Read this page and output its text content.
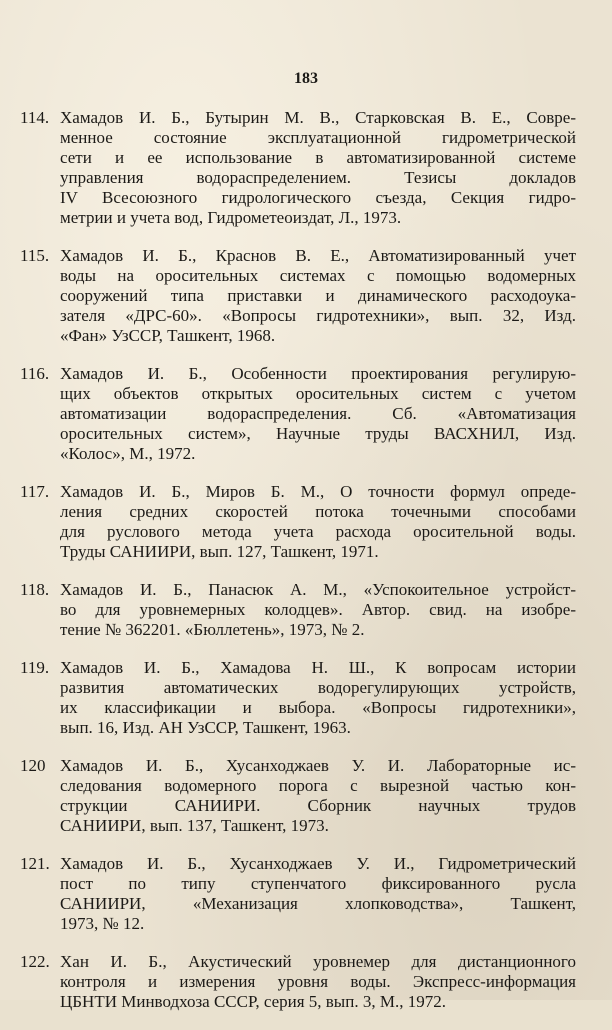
183
114. Хамадов И. Б., Бутырин М. В., Старковская В. Е., Совре-
менное состояние эксплуатационной гидрометрической
сети и ее использование в автоматизированной системе
управления водораспределением. Тезисы докладов
IV Всесоюзного гидрологического съезда, Секция гидро-
метрии и учета вод, Гидрометеоиздат, Л., 1973.
115. Хамадов И. Б., Краснов В. Е., Автоматизированный учет
воды на оросительных системах с помощью водомерных
сооружений типа приставки и динамического расходоука-
зателя «ДРС-60». «Вопросы гидротехники», вып. 32, Изд.
«Фан» УзССР, Ташкент, 1968.
116. Хамадов И. Б., Особенности проектирования регулирую-
щих объектов открытых оросительных систем с учетом
автоматизации водораспределения. Сб. «Автоматизация
оросительных систем», Научные труды ВАСХНИЛ, Изд.
«Колос», М., 1972.
117. Хамадов И. Б., Миров Б. М., О точности формул опреде-
ления средних скоростей потока точечными способами
для руслового метода учета расхода оросительной воды.
Труды САНИИРИ, вып. 127, Ташкент, 1971.
118. Хамадов И. Б., Панасюк А. М., «Успокоительное устройст-
во для уровнемерных колодцев». Автор. свид. на изобре-
тение № 362201. «Бюллетень», 1973, № 2.
119. Хамадов И. Б., Хамадова Н. Ш., К вопросам истории
развития автоматических водорегулирующих устройств,
их классификации и выбора. «Вопросы гидротехники»,
вып. 16, Изд. АН УзССР, Ташкент, 1963.
120 Хамадов И. Б., Хусанходжаев У. И. Лабораторные ис-
следования водомерного порога с вырезной частью кон-
струкции САНИИРИ. Сборник научных трудов
САНИИРИ, вып. 137, Ташкент, 1973.
121. Хамадов И. Б., Хусанходжаев У. И., Гидрометрический
пост по типу ступенчатого фиксированного русла
САНИИРИ, «Механизация хлопководства», Ташкент,
1973, № 12.
122. Хан И. Б., Акустический уровнемер для дистанционного
контроля и измерения уровня воды. Экспресс-информация
ЦБНТИ Минводхоза СССР, серия 5, вып. 3, М., 1972.
